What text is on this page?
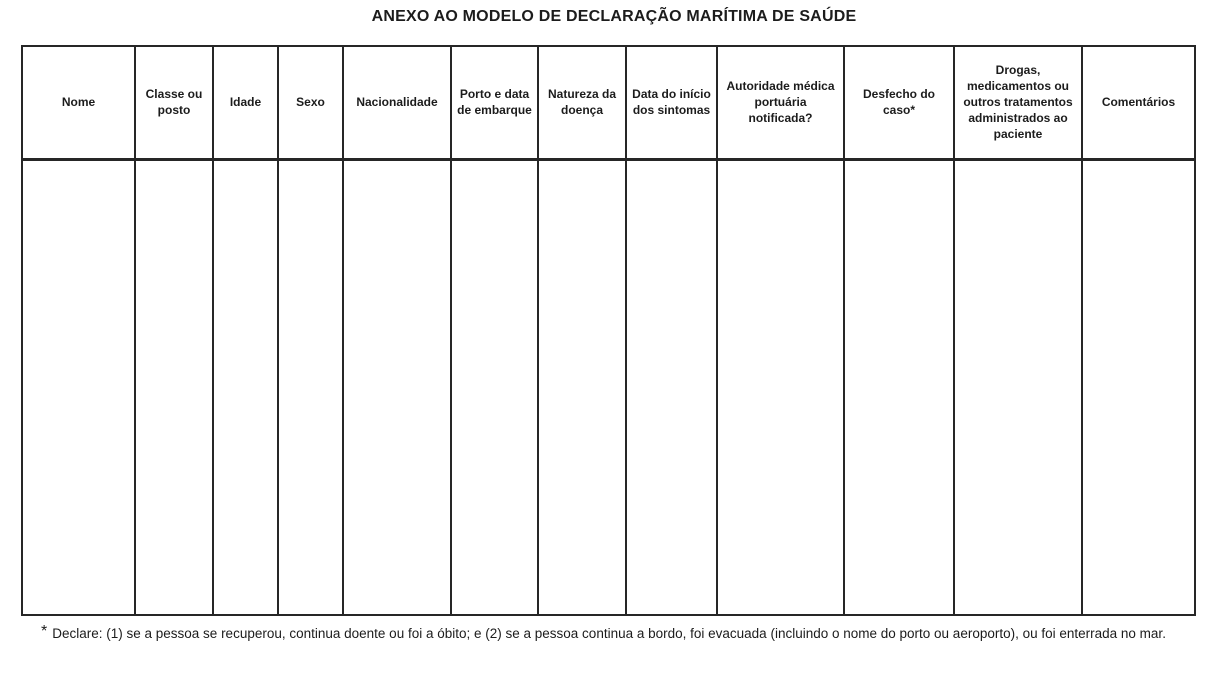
ANEXO AO MODELO DE DECLARAÇÃO MARÍTIMA DE SAÚDE
Nome	Classe ou posto	Idade	Sexo	Nacionalidade	Porto e data de embarque	Natureza da doença	Data do início dos sintomas	Autoridade médica portuária notificada?	Desfecho do caso*	Drogas, medicamentos ou outros tratamentos administrados ao paciente	Comentários

* Declare: (1) se a pessoa se recuperou, continua doente ou foi a óbito; e (2) se a pessoa continua a bordo, foi evacuada (incluindo o nome do porto ou aeroporto), ou foi enterrada no mar.
